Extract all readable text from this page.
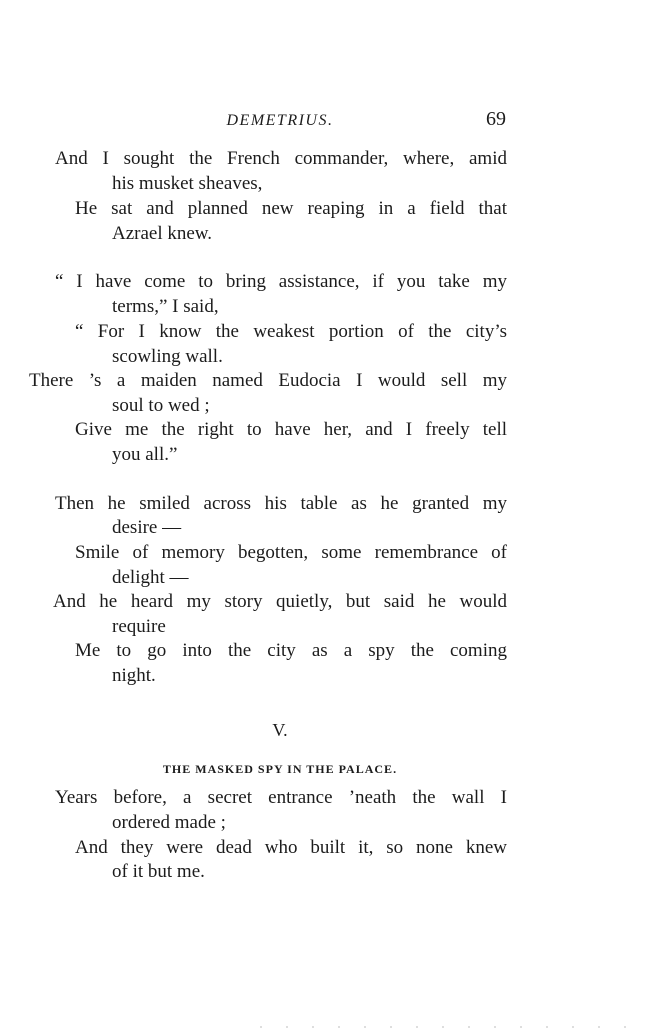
DEMETRIUS.	69
And I sought the French commander, where, amid
his musket sheaves,
He sat and planned new reaping in a field that
Azrael knew.
“ I have come to bring assistance, if you take my
terms,” I said,
“ For I know the weakest portion of the city’s
scowling wall.
There ’s a maiden named Eudocia I would sell my
soul to wed ;
Give me the right to have her, and I freely tell
you all.”
Then he smiled across his table as he granted my
desire —
Smile of memory begotten, some remembrance of
delight —
And he heard my story quietly, but said he would
require
Me to go into the city as a spy the coming
night.
V.
THE MASKED SPY IN THE PALACE.
Years before, a secret entrance ’neath the wall I
ordered made ;
And they were dead who built it, so none knew
of it but me.
